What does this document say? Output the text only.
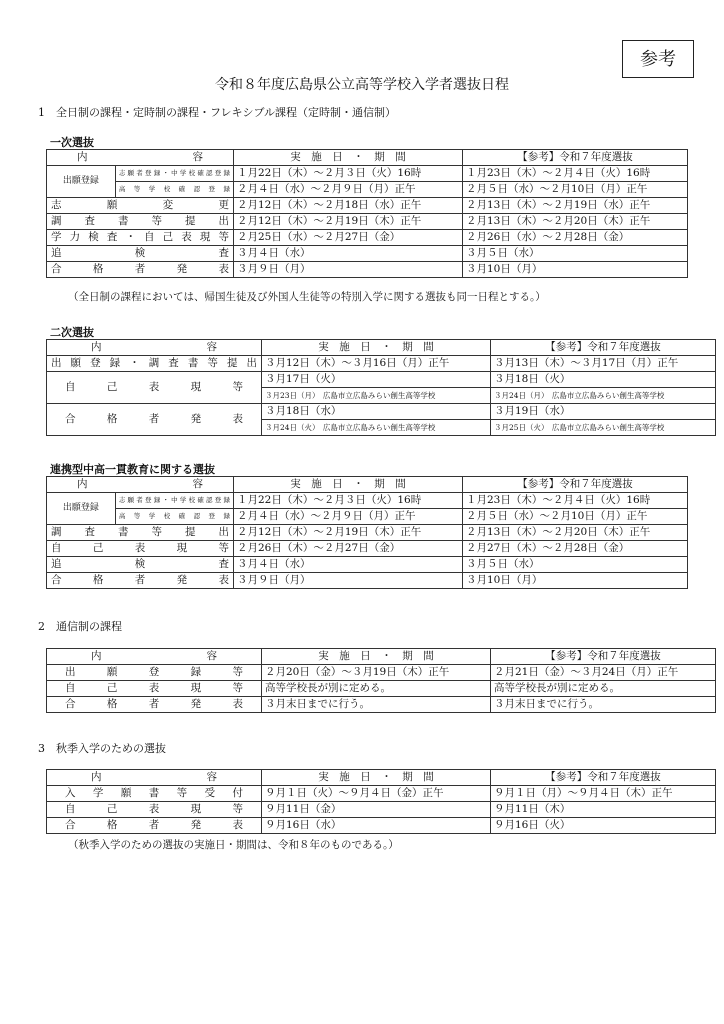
参考
令和８年度広島県公立高等学校入学者選抜日程
1　全日制の課程・定時制の課程・フレキシブル課程（定時制・通信制）
一次選抜
内　　　　　　　　　　容		実　施　日　・　期　間	【参考】令和７年度選抜
出願登録	志願者登録・中学校確認登録	１月22日（木）～２月３日（火）16時	１月23日（木）～２月４日（火）16時
	高等学校確認登録	２月４日（水）～２月９日（月）正午	２月５日（水）～２月10日（月）正午
志願変更		２月12日（木）～２月18日（水）正午	２月13日（木）～２月19日（水）正午
調査書等提出		２月12日（木）～２月19日（木）正午	２月13日（木）～２月20日（木）正午
学力検査・自己表現等		２月25日（水）～２月27日（金）	２月26日（水）～２月28日（金）
追検査		３月４日（水）	３月５日（水）
合格者発表		３月９日（月）	３月10日（月）
（全日制の課程においては、帰国生徒及び外国人生徒等の特別入学に関する選抜も同一日程とする。）
二次選抜
内　　　　　　　　　　容	実　施　日　・　期　間	【参考】令和７年度選抜
出願登録・調査書等提出	３月12日（木）～３月16日（月）正午	３月13日（木）～３月17日（月）正午
自己表現等	３月17日（火）	３月18日（火）
	３月23日（月） 広島市立広島みらい創生高等学校	３月24日（月） 広島市立広島みらい創生高等学校
合格者発表	３月18日（水）	３月19日（水）
	３月24日（火） 広島市立広島みらい創生高等学校	３月25日（火） 広島市立広島みらい創生高等学校
連携型中高一貫教育に関する選抜
内　　　　　　　　　　容		実　施　日　・　期　間	【参考】令和７年度選抜
出願登録	志願者登録・中学校確認登録	１月22日（木）～２月３日（火）16時	１月23日（木）～２月４日（火）16時
	高等学校確認登録	２月４日（水）～２月９日（月）正午	２月５日（水）～２月10日（月）正午
調査書等提出		２月12日（木）～２月19日（木）正午	２月13日（木）～２月20日（木）正午
自己表現等		２月26日（木）～２月27日（金）	２月27日（木）～２月28日（金）
追検査		３月４日（水）	３月５日（水）
合格者発表		３月９日（月）	３月10日（月）
2　通信制の課程
内　　　　　　　　　　容	実　施　日　・　期　間	【参考】令和７年度選抜
出願登録等	２月20日（金）～３月19日（木）正午	２月21日（金）～３月24日（月）正午
自己表現等	高等学校長が別に定める。	高等学校長が別に定める。
合格者発表	３月末日までに行う。	３月末日までに行う。
3　秋季入学のための選抜
内　　　　　　　　　　容	実　施　日　・　期　間	【参考】令和７年度選抜
入学願書等受付	９月１日（火）～９月４日（金）正午	９月１日（月）～９月４日（木）正午
自己表現等	９月11日（金）	９月11日（木）
合格者発表	９月16日（水）	９月16日（火）
（秋季入学のための選抜の実施日・期間は、令和８年のものである。）
